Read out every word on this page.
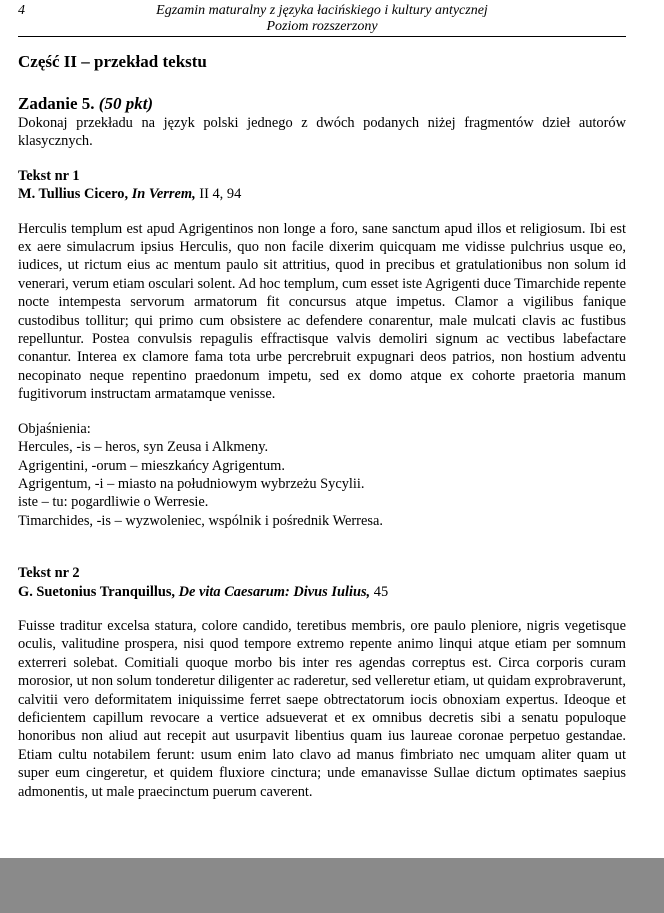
4	Egzamin maturalny z języka łacińskiego i kultury antycznej
Poziom rozszerzony
Część II – przekład tekstu
Zadanie 5. (50 pkt)

Dokonaj przekładu na język polski jednego z dwóch podanych niżej fragmentów dzieł autorów klasycznych.

Tekst nr 1

M. Tullius Cicero, In Verrem, II 4, 94

Herculis templum est apud Agrigentinos non longe a foro, sane sanctum apud illos et religiosum. Ibi est ex aere simulacrum ipsius Herculis, quo non facile dixerim quicquam me vidisse pulchrius usque eo, iudices, ut rictum eius ac mentum paulo sit attritius, quod in precibus et gratulationibus non solum id venerari, verum etiam osculari solent. Ad hoc templum, cum esset iste Agrigenti duce Timarchide repente nocte intempesta servorum armatorum fit concursus atque impetus. Clamor a vigilibus fanique custodibus tollitur; qui primo cum obsistere ac defendere conarentur, male mulcati clavis ac fustibus repelluntur. Postea convulsis repagulis effractisque valvis demoliri signum ac vectibus labefactare conantur. Interea ex clamore fama tota urbe percrebruit expugnari deos patrios, non hostium adventu necopinato neque repentino praedonum impetu, sed ex domo atque ex cohorte praetoria manum fugitivorum instructam armatamque venisse.

Objaśnienia:

Hercules, -is – heros, syn Zeusa i Alkmeny.

Agrigentini, -orum – mieszkańcy Agrigentum.

Agrigentum, -i – miasto na południowym wybrzeżu Sycylii.

iste – tu: pogardliwie o Werresie.

Timarchides, -is – wyzwoleniec, wspólnik i pośrednik Werresa.

Tekst nr 2

G. Suetonius Tranquillus, De vita Caesarum: Divus Iulius, 45

Fuisse traditur excelsa statura, colore candido, teretibus membris, ore paulo pleniore, nigris vegetisque oculis, valitudine prospera, nisi quod tempore extremo repente animo linqui atque etiam per somnum exterreri solebat. Comitiali quoque morbo bis inter res agendas correptus est. Circa corporis curam morosior, ut non solum tonderetur diligenter ac raderetur, sed velleretur etiam, ut quidam exprobraverunt, calvitii vero deformitatem iniquissime ferret saepe obtrectatorum iocis obnoxiam expertus. Ideoque et deficientem capillum revocare a vertice adsueverat et ex omnibus decretis sibi a senatu populoque honoribus non aliud aut recepit aut usurpavit libentius quam ius laureae coronae perpetuo gestandae. Etiam cultu notabilem ferunt: usum enim lato clavo ad manus fimbriato nec umquam aliter quam ut super eum cingeretur, et quidem fluxiore cinctura; unde emanavisse Sullae dictum optimates saepius admonentis, ut male praecinctum puerum caverent.
